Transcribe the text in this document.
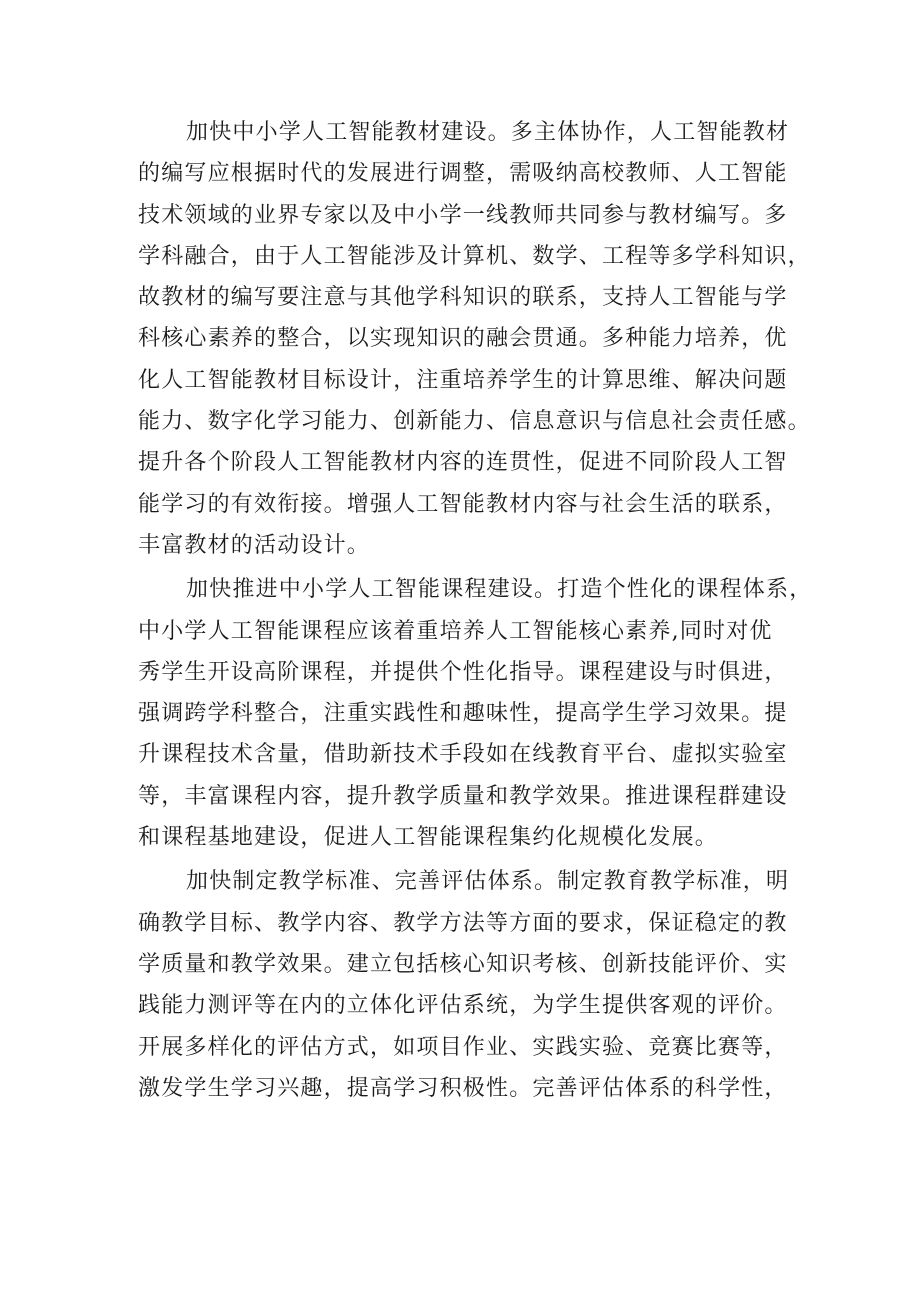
加快中小学人工智能教材建设。多主体协作，人工智能教材
的编写应根据时代的发展进行调整，需吸纳高校教师、人工智能
技术领域的业界专家以及中小学一线教师共同参与教材编写。多
学科融合，由于人工智能涉及计算机、数学、工程等多学科知识，
故教材的编写要注意与其他学科知识的联系，支持人工智能与学
科核心素养的整合，以实现知识的融会贯通。多种能力培养，优
化人工智能教材目标设计，注重培养学生的计算思维、解决问题
能力、数字化学习能力、创新能力、信息意识与信息社会责任感。
提升各个阶段人工智能教材内容的连贯性，促进不同阶段人工智
能学习的有效衔接。增强人工智能教材内容与社会生活的联系，
丰富教材的活动设计。
加快推进中小学人工智能课程建设。打造个性化的课程体系，
中小学人工智能课程应该着重培养人工智能核心素养,同时对优
秀学生开设高阶课程，并提供个性化指导。课程建设与时俱进，
强调跨学科整合，注重实践性和趣味性，提高学生学习效果。提
升课程技术含量，借助新技术手段如在线教育平台、虚拟实验室
等，丰富课程内容，提升教学质量和教学效果。推进课程群建设
和课程基地建设，促进人工智能课程集约化规模化发展。
加快制定教学标准、完善评估体系。制定教育教学标准，明
确教学目标、教学内容、教学方法等方面的要求，保证稳定的教
学质量和教学效果。建立包括核心知识考核、创新技能评价、实
践能力测评等在内的立体化评估系统，为学生提供客观的评价。
开展多样化的评估方式，如项目作业、实践实验、竞赛比赛等，
激发学生学习兴趣，提高学习积极性。完善评估体系的科学性，
